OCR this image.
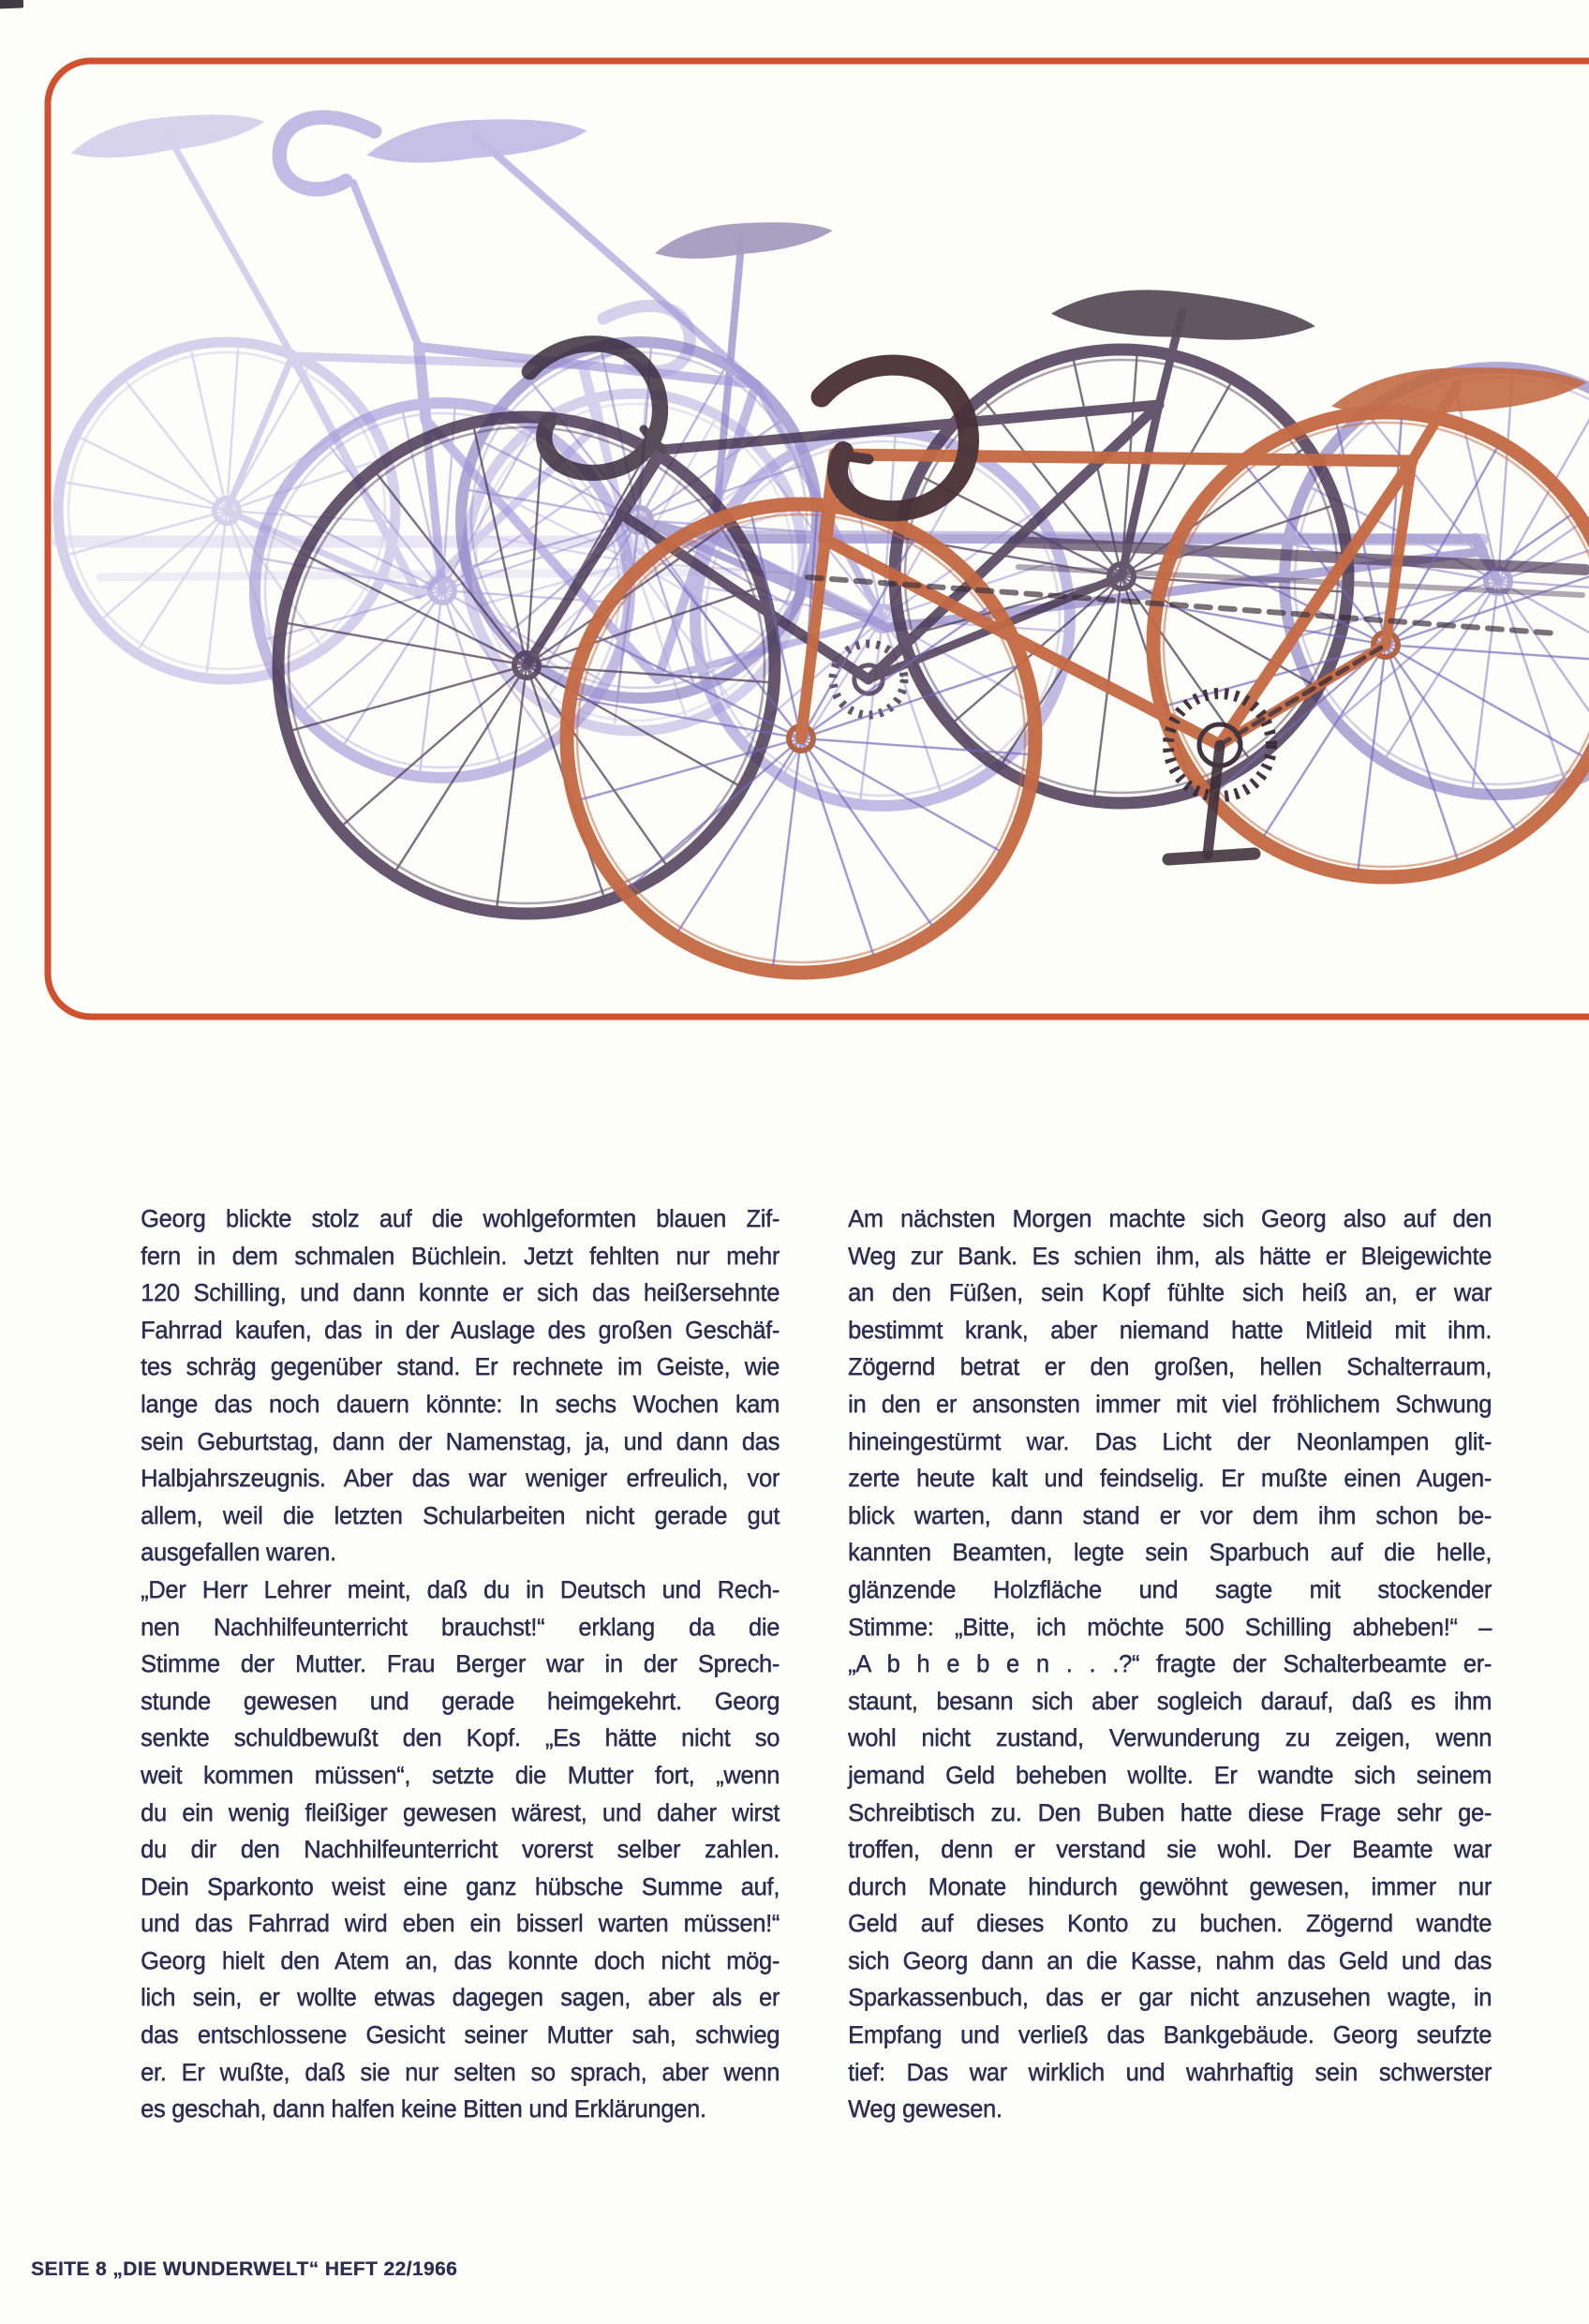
Georg blickte stolz auf die wohlgeformten blauen Zif-
fern in dem schmalen Büchlein. Jetzt fehlten nur mehr
120 Schilling, und dann konnte er sich das heißersehnte
Fahrrad kaufen, das in der Auslage des großen Geschäf-
tes schräg gegenüber stand. Er rechnete im Geiste, wie
lange das noch dauern könnte: In sechs Wochen kam
sein Geburtstag, dann der Namenstag, ja, und dann das
Halbjahrszeugnis. Aber das war weniger erfreulich, vor
allem, weil die letzten Schularbeiten nicht gerade gut
ausgefallen waren.
„Der Herr Lehrer meint, daß du in Deutsch und Rech-
nen Nachhilfeunterricht brauchst!“ erklang da die
Stimme der Mutter. Frau Berger war in der Sprech-
stunde gewesen und gerade heimgekehrt. Georg
senkte schuldbewußt den Kopf. „Es hätte nicht so
weit kommen müssen“, setzte die Mutter fort, „wenn
du ein wenig fleißiger gewesen wärest, und daher wirst
du dir den Nachhilfeunterricht vorerst selber zahlen.
Dein Sparkonto weist eine ganz hübsche Summe auf,
und das Fahrrad wird eben ein bisserl warten müssen!“
Georg hielt den Atem an, das konnte doch nicht mög-
lich sein, er wollte etwas dagegen sagen, aber als er
das entschlossene Gesicht seiner Mutter sah, schwieg
er. Er wußte, daß sie nur selten so sprach, aber wenn
es geschah, dann halfen keine Bitten und Erklärungen.
Am nächsten Morgen machte sich Georg also auf den
Weg zur Bank. Es schien ihm, als hätte er Bleigewichte
an den Füßen, sein Kopf fühlte sich heiß an, er war
bestimmt krank, aber niemand hatte Mitleid mit ihm.
Zögernd betrat er den großen, hellen Schalterraum,
in den er ansonsten immer mit viel fröhlichem Schwung
hineingestürmt war. Das Licht der Neonlampen glit-
zerte heute kalt und feindselig. Er mußte einen Augen-
blick warten, dann stand er vor dem ihm schon be-
kannten Beamten, legte sein Sparbuch auf die helle,
glänzende Holzfläche und sagte mit stockender
Stimme: „Bitte, ich möchte 500 Schilling abheben!“ –
„A b h e b e n . . .?“ fragte der Schalterbeamte er-
staunt, besann sich aber sogleich darauf, daß es ihm
wohl nicht zustand, Verwunderung zu zeigen, wenn
jemand Geld beheben wollte. Er wandte sich seinem
Schreibtisch zu. Den Buben hatte diese Frage sehr ge-
troffen, denn er verstand sie wohl. Der Beamte war
durch Monate hindurch gewöhnt gewesen, immer nur
Geld auf dieses Konto zu buchen. Zögernd wandte
sich Georg dann an die Kasse, nahm das Geld und das
Sparkassenbuch, das er gar nicht anzusehen wagte, in
Empfang und verließ das Bankgebäude. Georg seufzte
tief: Das war wirklich und wahrhaftig sein schwerster
Weg gewesen.
SEITE 8 „DIE WUNDERWELT“ HEFT 22/1966
